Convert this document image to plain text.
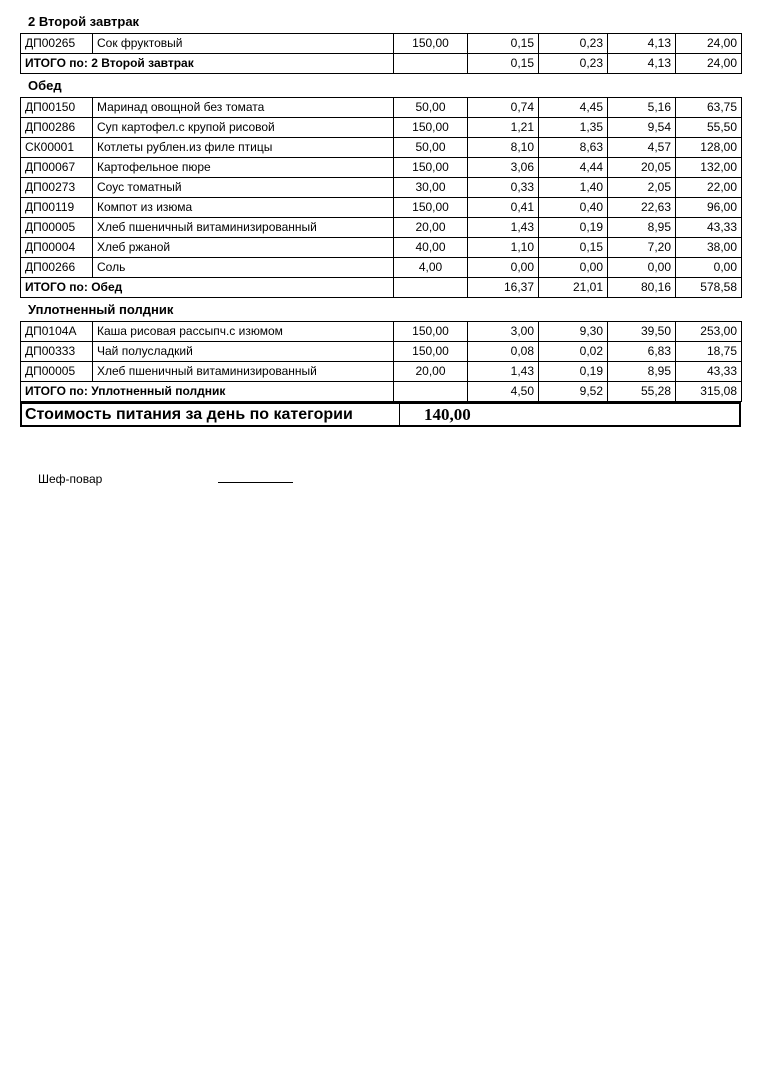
2 Второй завтрак
ДП00265	Сок фруктовый	150,00	0,15	0,23	4,13	24,00
ИТОГО по: 2 Второй завтрак			0,15	0,23	4,13	24,00
Обед
ДП00150	Маринад овощной без томата	50,00	0,74	4,45	5,16	63,75
ДП00286	Суп картофел.с крупой рисовой	150,00	1,21	1,35	9,54	55,50
СК00001	Котлеты рублен.из филе птицы	50,00	8,10	8,63	4,57	128,00
ДП00067	Картофельное пюре	150,00	3,06	4,44	20,05	132,00
ДП00273	Соус томатный	30,00	0,33	1,40	2,05	22,00
ДП00119	Компот из изюма	150,00	0,41	0,40	22,63	96,00
ДП00005	Хлеб пшеничный витаминизированный	20,00	1,43	0,19	8,95	43,33
ДП00004	Хлеб ржаной	40,00	1,10	0,15	7,20	38,00
ДП00266	Соль	4,00	0,00	0,00	0,00	0,00
ИТОГО по: Обед			16,37	21,01	80,16	578,58
Уплотненный полдник
ДП0104А	Каша рисовая рассыпч.с изюмом	150,00	3,00	9,30	39,50	253,00
ДП00333	Чай полусладкий	150,00	0,08	0,02	6,83	18,75
ДП00005	Хлеб пшеничный витаминизированный	20,00	1,43	0,19	8,95	43,33
ИТОГО по: Уплотненный полдник			4,50	9,52	55,28	315,08
Стоимость питания за день по категории	140,00
Шеф-повар
